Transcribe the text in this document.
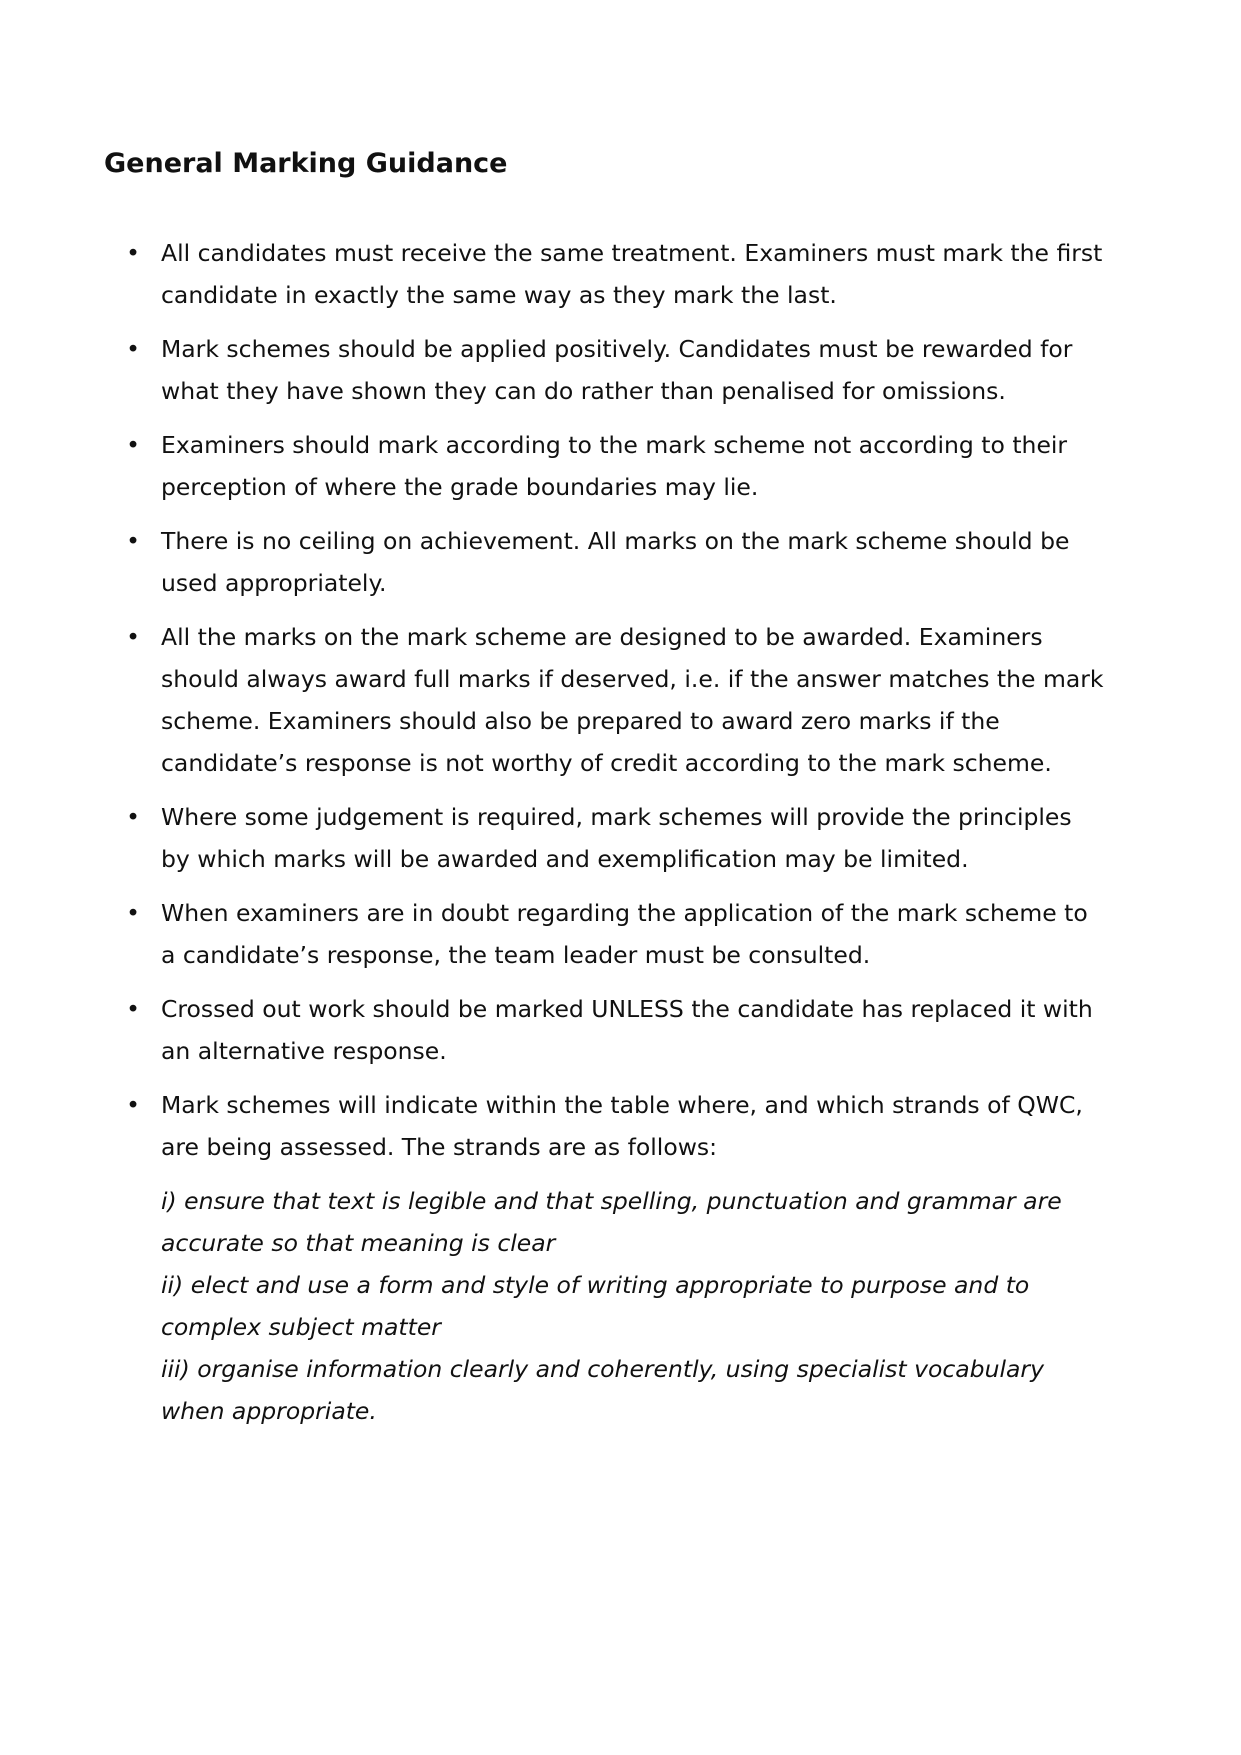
General Marking Guidance
• All candidates must receive the same treatment. Examiners must mark the first candidate in exactly the same way as they mark the last.
• Mark schemes should be applied positively. Candidates must be rewarded for what they have shown they can do rather than penalised for omissions.
• Examiners should mark according to the mark scheme not according to their perception of where the grade boundaries may lie.
• There is no ceiling on achievement. All marks on the mark scheme should be used appropriately.
• All the marks on the mark scheme are designed to be awarded. Examiners should always award full marks if deserved, i.e. if the answer matches the mark scheme. Examiners should also be prepared to award zero marks if the candidate’s response is not worthy of credit according to the mark scheme.
• Where some judgement is required, mark schemes will provide the principles by which marks will be awarded and exemplification may be limited.
• When examiners are in doubt regarding the application of the mark scheme to a candidate’s response, the team leader must be consulted.
• Crossed out work should be marked UNLESS the candidate has replaced it with an alternative response.
• Mark schemes will indicate within the table where, and which strands of QWC, are being assessed. The strands are as follows:
i) ensure that text is legible and that spelling, punctuation and grammar are accurate so that meaning is clear
ii) elect and use a form and style of writing appropriate to purpose and to complex subject matter
iii) organise information clearly and coherently, using specialist vocabulary when appropriate.
